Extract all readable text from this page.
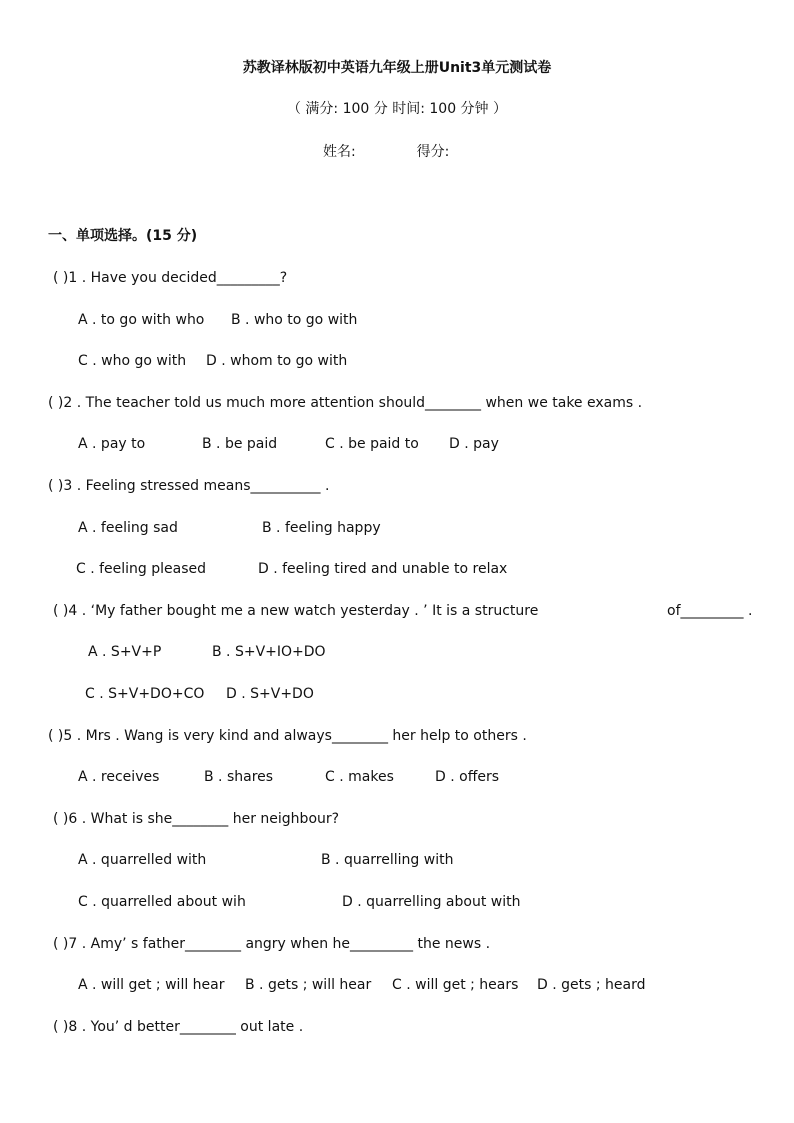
苏教译林版初中英语九年级上册Unit3单元测试卷
（ 满分: 100 分 时间: 100 分钟 ）
姓名:	得分:
一、单项选择。(15 分)
( )1 . Have you decided_________?
A . to go with who B . who to go with
C . who go with D . whom to go with
( )2 . The teacher told us much more attention should________ when we take exams .
A . pay to	B . be paid	C . be paid to D . pay
( )3 . Feeling stressed means__________ .
A . feeling sad	B . feeling happy
C . feeling pleased	D . feeling tired and unable to relax
( )4 . ‘My father bought me a new watch yesterday . ’ It is a structure	of_________ .
A . S+V+P	B . S+V+IO+DO
C . S+V+DO+CO D . S+V+DO
( )5 . Mrs . Wang is very kind and always________ her help to others .
A . receives	B . shares	C . makes	D . offers
( )6 . What is she________ her neighbour?
A . quarrelled with	B . quarrelling with
C . quarrelled about wih	D . quarrelling about with
( )7 . Amy’ s father________ angry when he_________ the news .
A . will get ; will hear B . gets ; will hear C . will get ; hears D . gets ; heard
( )8 . You’ d better________ out late .
